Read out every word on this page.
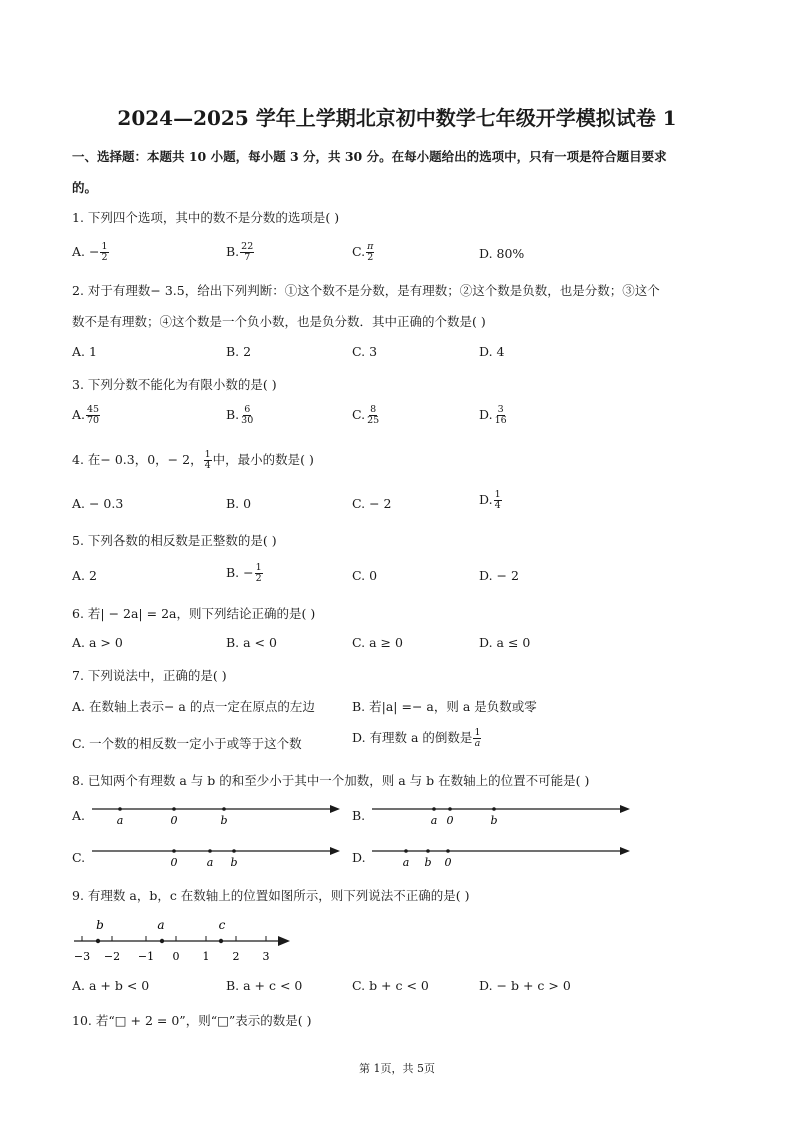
2024—2025 学年上学期北京初中数学七年级开学模拟试卷 1
一、选择题：本题共 10 小题，每小题 3 分，共 30 分。在每小题给出的选项中，只有一项是符合题目要求
的。
1. 下列四个选项，其中的数不是分数的选项是( )
A. − $\frac{1}{2}$	B. $\frac{22}{7}$	C. $\frac{\pi}{2}$	D. 80%
2. 对于有理数− 3.5，给出下列判断：①这个数不是分数，是有理数；②这个数是负数，也是分数；③这个
数不是有理数；④这个数是一个负小数，也是负分数．其中正确的个数是( )
A. 1	B. 2	C. 3	D. 4
3. 下列分数不能化为有限小数的是( )
A. $\frac{45}{70}$	B. $\frac{6}{30}$	C. $\frac{8}{25}$	D. $\frac{3}{16}$
4. 在− 0.3，0，− 2， $\frac{1}{4}$ 中，最小的数是( )
A. − 0.3	B. 0	C. − 2	D. $\frac{1}{4}$
5. 下列各数的相反数是正整数的是( )
A. 2	B. − $\frac{1}{2}$	C. 0	D. − 2
6. 若| − 2a| = 2a，则下列结论正确的是( )
A. a > 0	B. a < 0	C. a ≥ 0	D. a ≤ 0
7. 下列说法中，正确的是( )
A. 在数轴上表示− a 的点一定在原点的左边	B. 若|a| =− a，则 a 是负数或零
C. 一个数的相反数一定小于或等于这个数	D. 有理数 a 的倒数是 $\frac{1}{a}$
8. 已知两个有理数 a 与 b 的和至少小于其中一个加数，则 a 与 b 在数轴上的位置不可能是( )
A.	a	0	b	B.	a 0	b
C.	0	a b	D.	a b 0
9. 有理数 a，b，c 在数轴上的位置如图所示，则下列说法不正确的是( )
−3 −2 −1 0 1 2 3
b	a	c
A. a + b < 0	B. a + c < 0	C. b + c < 0	D. − b + c > 0
10. 若“□ + 2 = 0”，则“□”表示的数是( )
第 1页，共 5页
